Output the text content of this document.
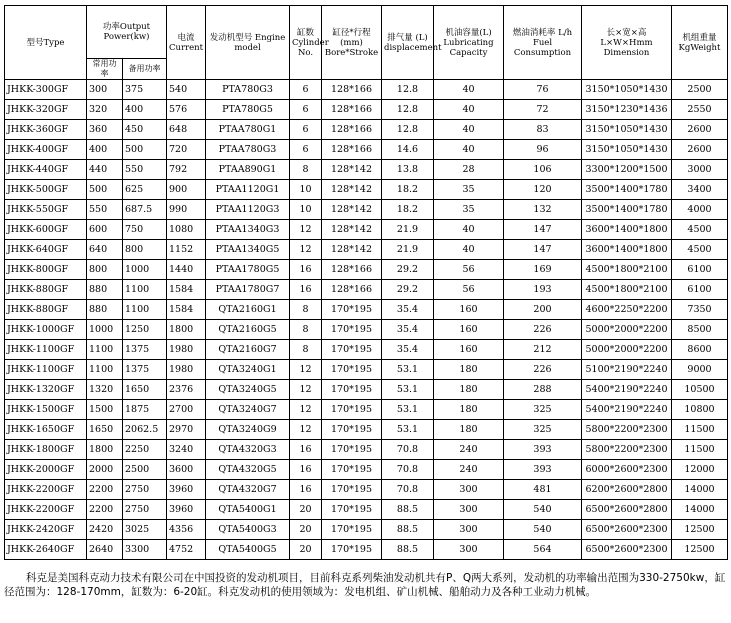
型号Type	功率Output Power(kw)		电流 Current	发动机型号 Engine model	缸数 Cylinder No.	缸径*行程 (mm) Bore*Stroke	排气量 (L) displacement	机油容量(L) Lubricating Capacity	燃油消耗率 L/h Fuel Consumption	长×宽×高 L×W×Hmm Dimension	机组重量 KgWeight
	常用功率	备用功率									
JHKK-300GF	300	375	540	PTA780G3	6	128*166	12.8	40	76	3150*1050*1430	2500
JHKK-320GF	320	400	576	PTA780G5	6	128*166	12.8	40	72	3150*1230*1436	2550
JHKK-360GF	360	450	648	PTAA780G1	6	128*166	12.8	40	83	3150*1050*1430	2600
JHKK-400GF	400	500	720	PTAA780G3	6	128*166	14.6	40	96	3150*1050*1430	2600
JHKK-440GF	440	550	792	PTAA890G1	8	128*142	13.8	28	106	3300*1200*1500	3000
JHKK-500GF	500	625	900	PTAA1120G1	10	128*142	18.2	35	120	3500*1400*1780	3400
JHKK-550GF	550	687.5	990	PTAA1120G3	10	128*142	18.2	35	132	3500*1400*1780	4000
JHKK-600GF	600	750	1080	PTAA1340G3	12	128*142	21.9	40	147	3600*1400*1800	4500
JHKK-640GF	640	800	1152	PTAA1340G5	12	128*142	21.9	40	147	3600*1400*1800	4500
JHKK-800GF	800	1000	1440	PTAA1780G5	16	128*166	29.2	56	169	4500*1800*2100	6100
JHKK-880GF	880	1100	1584	PTAA1780G7	16	128*166	29.2	56	193	4500*1800*2100	6100
JHKK-880GF	880	1100	1584	QTA2160G1	8	170*195	35.4	160	200	4600*2250*2200	7350
JHKK-1000GF	1000	1250	1800	QTA2160G5	8	170*195	35.4	160	226	5000*2000*2200	8500
JHKK-1100GF	1100	1375	1980	QTA2160G7	8	170*195	35.4	160	212	5000*2000*2200	8600
JHKK-1100GF	1100	1375	1980	QTA3240G1	12	170*195	53.1	180	226	5100*2190*2240	9000
JHKK-1320GF	1320	1650	2376	QTA3240G5	12	170*195	53.1	180	288	5400*2190*2240	10500
JHKK-1500GF	1500	1875	2700	QTA3240G7	12	170*195	53.1	180	325	5400*2190*2240	10800
JHKK-1650GF	1650	2062.5	2970	QTA3240G9	12	170*195	53.1	180	325	5800*2200*2300	11500
JHKK-1800GF	1800	2250	3240	QTA4320G3	16	170*195	70.8	240	393	5800*2200*2300	11500
JHKK-2000GF	2000	2500	3600	QTA4320G5	16	170*195	70.8	240	393	6000*2600*2300	12000
JHKK-2200GF	2200	2750	3960	QTA4320G7	16	170*195	70.8	300	481	6200*2600*2800	14000
JHKK-2200GF	2200	2750	3960	QTA5400G1	20	170*195	88.5	300	540	6500*2600*2800	14000
JHKK-2420GF	2420	3025	4356	QTA5400G3	20	170*195	88.5	300	540	6500*2600*2300	12500
JHKK-2640GF	2640	3300	4752	QTA5400G5	20	170*195	88.5	300	564	6500*2600*2300	12500
科克是美国科克动力技术有限公司在中国投资的发动机项目，目前科克系列柴油发动机共有P、Q两大系列，发动机的功率输出范围为330-2750kw，缸径范围为：128-170mm，缸数为：6-20缸。科克发动机的使用领域为：发电机组、矿山机械、船舶动力及各种工业动力机械。
